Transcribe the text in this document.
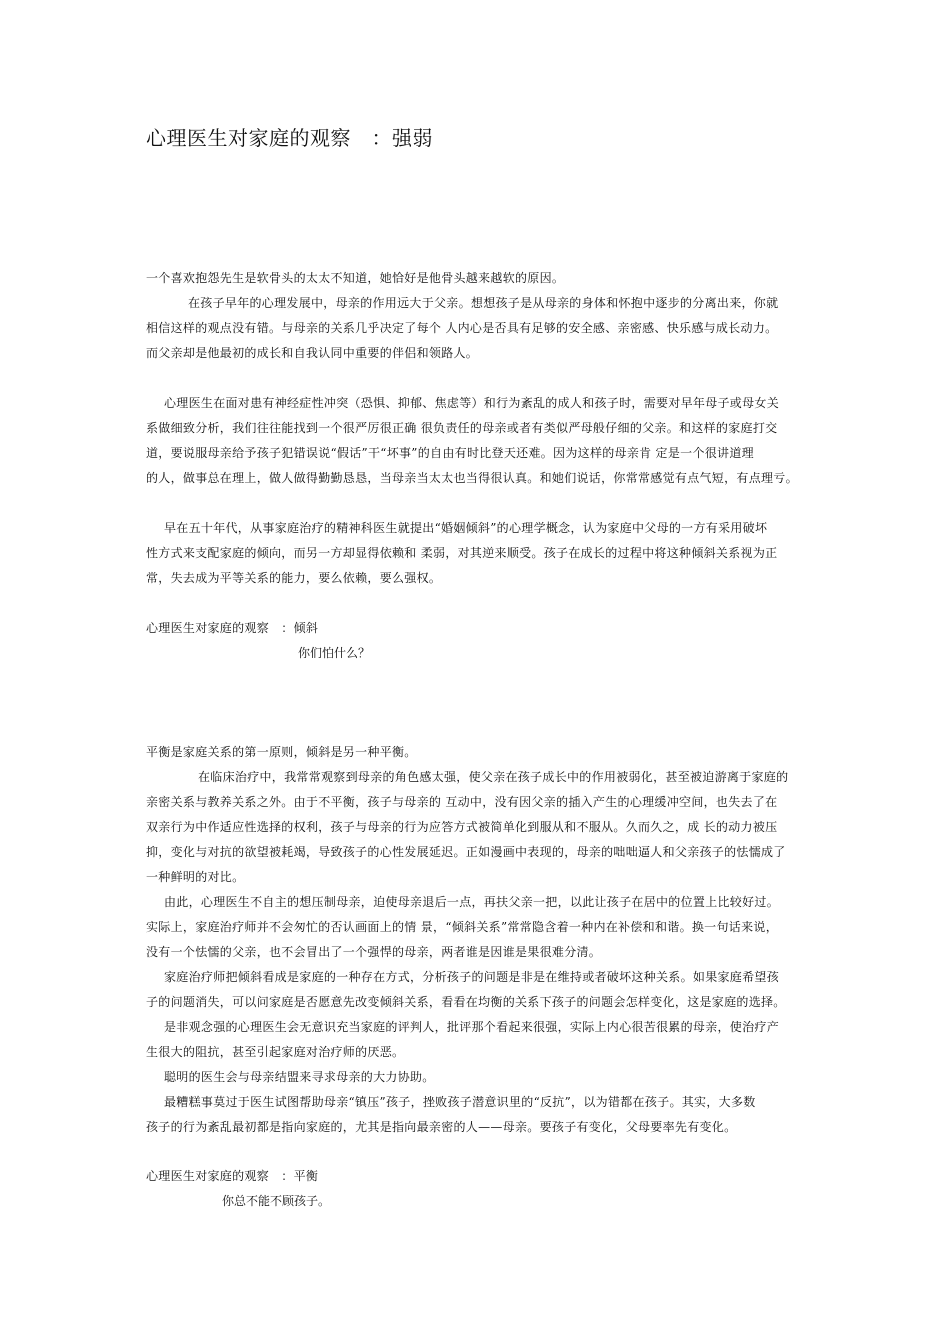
心理医生对家庭的观察　：强弱
一个喜欢抱怨先生是软骨头的太太不知道，她恰好是他骨头越来越软的原因。
在孩子早年的心理发展中，母亲的作用远大于父亲。想想孩子是从母亲的身体和怀抱中逐步的分离出来，你就
相信这样的观点没有错。与母亲的关系几乎决定了每个 人内心是否具有足够的安全感、亲密感、快乐感与成长动力。
而父亲却是他最初的成长和自我认同中重要的伴侣和领路人。
心理医生在面对患有神经症性冲突（恐惧、抑郁、焦虑等）和行为紊乱的成人和孩子时，需要对早年母子或母女关
系做细致分析，我们往往能找到一个很严厉很正确 很负责任的母亲或者有类似严母般仔细的父亲。和这样的家庭打交
道，要说服母亲给予孩子犯错误说“假话”干“坏事”的自由有时比登天还难。因为这样的母亲肯 定是一个很讲道理
的人，做事总在理上，做人做得勤勤恳恳，当母亲当太太也当得很认真。和她们说话，你常常感觉有点气短，有点理亏。
早在五十年代，从事家庭治疗的精神科医生就提出“婚姻倾斜”的心理学概念，认为家庭中父母的一方有采用破坏
性方式来支配家庭的倾向，而另一方却显得依赖和 柔弱，对其逆来顺受。孩子在成长的过程中将这种倾斜关系视为正
常，失去成为平等关系的能力，要么依赖，要么强权。
心理医生对家庭的观察　：倾斜
你们怕什么？
平衡是家庭关系的第一原则，倾斜是另一种平衡。
在临床治疗中，我常常观察到母亲的角色感太强，使父亲在孩子成长中的作用被弱化，甚至被迫游离于家庭的
亲密关系与教养关系之外。由于不平衡，孩子与母亲的 互动中，没有因父亲的插入产生的心理缓冲空间，也失去了在
双亲行为中作适应性选择的权利，孩子与母亲的行为应答方式被简单化到服从和不服从。久而久之，成 长的动力被压
抑，变化与对抗的欲望被耗竭，导致孩子的心性发展延迟。正如漫画中表现的，母亲的咄咄逼人和父亲孩子的怯懦成了
一种鲜明的对比。
由此，心理医生不自主的想压制母亲，迫使母亲退后一点，再扶父亲一把，以此让孩子在居中的位置上比较好过。
实际上，家庭治疗师并不会匆忙的否认画面上的情 景，“倾斜关系”常常隐含着一种内在补偿和和谐。换一句话来说，
没有一个怯懦的父亲，也不会冒出了一个强悍的母亲，两者谁是因谁是果很难分清。
家庭治疗师把倾斜看成是家庭的一种存在方式，分析孩子的问题是非是在维持或者破坏这种关系。如果家庭希望孩
子的问题消失，可以问家庭是否愿意先改变倾斜关系，看看在均衡的关系下孩子的问题会怎样变化，这是家庭的选择。
是非观念强的心理医生会无意识充当家庭的评判人，批评那个看起来很强，实际上内心很苦很累的母亲，使治疗产
生很大的阻抗，甚至引起家庭对治疗师的厌恶。
聪明的医生会与母亲结盟来寻求母亲的大力协助。
最糟糕事莫过于医生试图帮助母亲“镇压”孩子，挫败孩子潜意识里的“反抗”，以为错都在孩子。其实，大多数
孩子的行为紊乱最初都是指向家庭的，尤其是指向最亲密的人——母亲。要孩子有变化，父母要率先有变化。
心理医生对家庭的观察　：平衡
你总不能不顾孩子。
